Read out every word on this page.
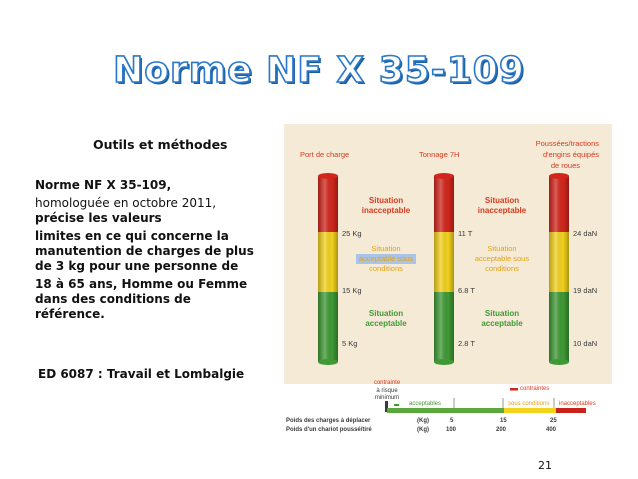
Norme NF X 35-109
Outils et méthodes
Norme NF X 35-109,
homologuée en octobre 2011,
précise les valeurs
limites en ce qui concerne la
manutention de charges de plus
de 3 kg pour une personne de
18 à 65 ans, Homme ou Femme
dans des conditions de
référence.
ED 6087 : Travail et Lombalgie
Port de charge	Tonnage 7H
Poussées/tractions
d'engins équipés
de roues
Situation
inacceptable
Situation
inacceptable
Situation
acceptable sous
conditions
Situation
acceptable sous
conditions
Situation
acceptable
Situation
acceptable
25 Kg
15 Kg
5 Kg
11 T
6.8 T
2.8 T
24 daN
19 daN
10 daN
contrainte
à risque
minimum
acceptables
contraintes
sous conditions inacceptables
Poids des charges à déplacer
Poids d'un chariot poussé/tiré
(Kg)
(Kg)
5	15	25
100	200	400
21
